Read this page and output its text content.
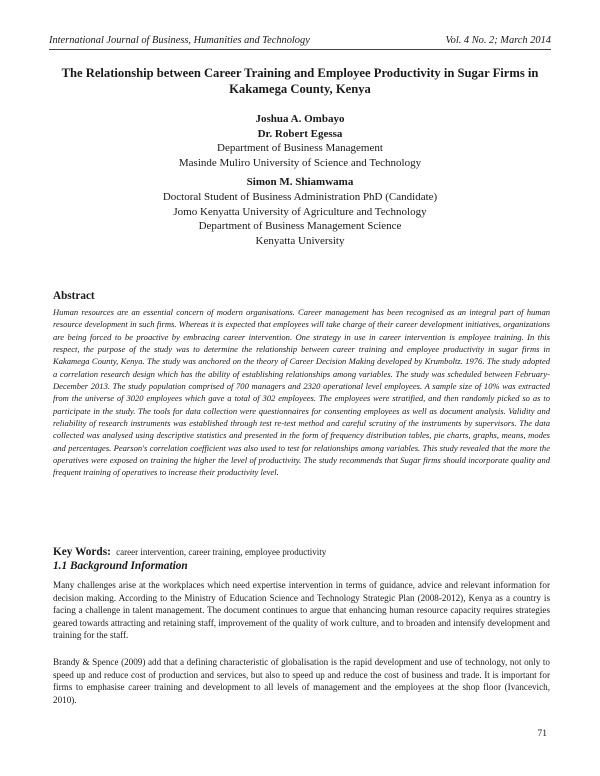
International Journal of Business, Humanities and Technology	Vol. 4 No. 2; March 2014
The Relationship between Career Training and Employee Productivity in Sugar Firms in Kakamega County, Kenya
Joshua A. Ombayo
Dr. Robert Egessa
Department of Business Management
Masinde Muliro University of Science and Technology
Simon M. Shiamwama
Doctoral Student of Business Administration PhD (Candidate)
Jomo Kenyatta University of Agriculture and Technology
Department of Business Management Science
Kenyatta University
Abstract
Human resources are an essential concern of modern organisations. Career management has been recognised as an integral part of human resource development in such firms. Whereas it is expected that employees will take charge of their career development initiatives, organizations are being forced to be proactive by embracing career intervention. One strategy in use in career intervention is employee training. In this respect, the purpose of the study was to determine the relationship between career training and employee productivity in sugar firms in Kakamega County, Kenya. The study was anchored on the theory of Career Decision Making developed by Krumboltz. 1976. The study adopted a correlation research design which has the ability of establishing relationships among variables. The study was scheduled between February-December 2013. The study population comprised of 700 managers and 2320 operational level employees. A sample size of 10% was extracted from the universe of 3020 employees which gave a total of 302 employees. The employees were stratified, and then randomly picked so as to participate in the study. The tools for data collection were questionnaires for consenting employees as well as document analysis. Validity and reliability of research instruments was established through test re-test method and careful scrutiny of the instruments by supervisors. The data collected was analysed using descriptive statistics and presented in the form of frequency distribution tables, pie charts, graphs, means, modes and percentages. Pearson's correlation coefficient was also used to test for relationships among variables. This study revealed that the more the operatives were exposed on training the higher the level of productivity. The study recommends that Sugar firms should incorporate quality and frequent training of operatives to increase their productivity level.
Key Words: career intervention, career training, employee productivity
1.1 Background Information
Many challenges arise at the workplaces which need expertise intervention in terms of guidance, advice and relevant information for decision making. According to the Ministry of Education Science and Technology Strategic Plan (2008-2012), Kenya as a country is facing a challenge in talent management. The document continues to argue that enhancing human resource capacity requires strategies geared towards attracting and retaining staff, improvement of the quality of work culture, and to broaden and intensify development and training for the staff.
Brandy & Spence (2009) add that a defining characteristic of globalisation is the rapid development and use of technology, not only to speed up and reduce cost of production and services, but also to speed up and reduce the cost of business and trade. It is important for firms to emphasise career training and development to all levels of management and the employees at the shop floor (Ivancevich, 2010).
71
